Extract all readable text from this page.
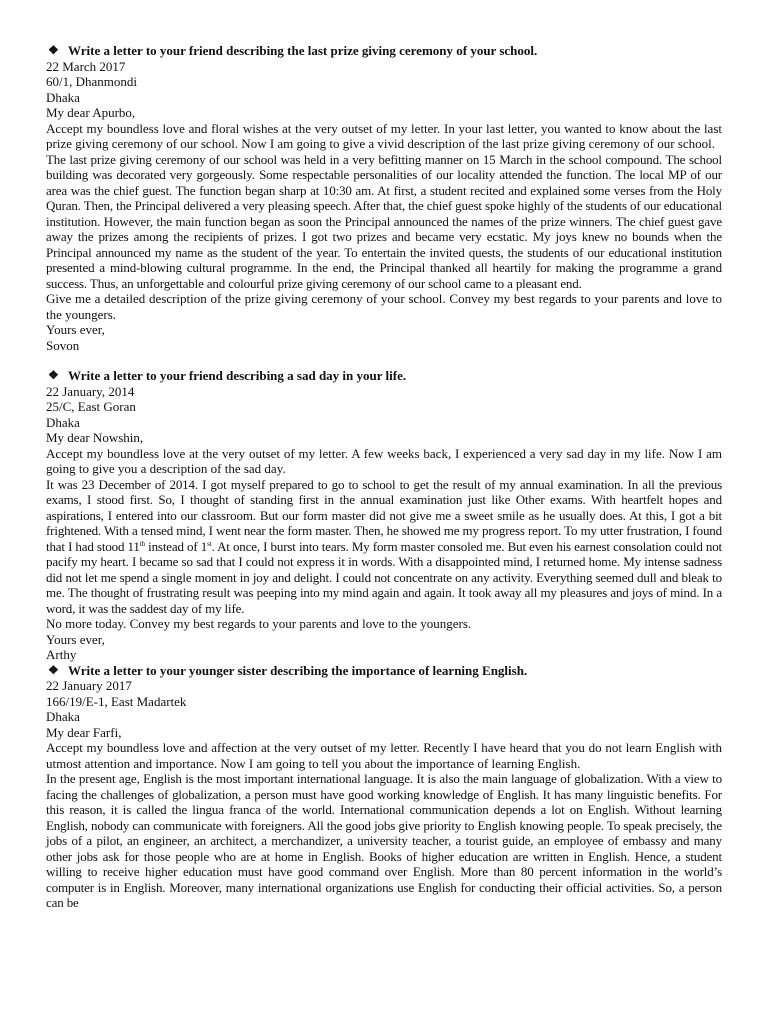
❖ Write a letter to your friend describing the last prize giving ceremony of your school.
22 March 2017
60/1, Dhanmondi
Dhaka
My dear Apurbo,

Accept my boundless love and floral wishes at the very outset of my letter. In your last letter, you wanted to know about the last prize giving ceremony of our school. Now I am going to give a vivid description of the last prize giving ceremony of our school.

The last prize giving ceremony of our school was held in a very befitting manner on 15 March in the school compound. The school building was decorated very gorgeously. Some respectable personalities of our locality attended the function. The local MP of our area was the chief guest. The function began sharp at 10:30 am. At first, a student recited and explained some verses from the Holy Quran. Then, the Principal delivered a very pleasing speech. After that, the chief guest spoke highly of the students of our educational institution. However, the main function began as soon the Principal announced the names of the prize winners. The chief guest gave away the prizes among the recipients of prizes. I got two prizes and became very ecstatic. My joys knew no bounds when the Principal announced my name as the student of the year. To entertain the invited quests, the students of our educational institution presented a mind-blowing cultural programme. In the end, the Principal thanked all heartily for making the programme a grand success. Thus, an unforgettable and colourful prize giving ceremony of our school came to a pleasant end.

Give me a detailed description of the prize giving ceremony of your school. Convey my best regards to your parents and love to the youngers.

Yours ever,
Sovon
❖ Write a letter to your friend describing a sad day in your life.
22 January, 2014
25/C, East Goran
Dhaka
My dear Nowshin,

Accept my boundless love at the very outset of my letter. A few weeks back, I experienced a very sad day in my life. Now I am going to give you a description of the sad day.

It was 23 December of 2014. I got myself prepared to go to school to get the result of my annual examination. In all the previous exams, I stood first. So, I thought of standing first in the annual examination just like Other exams. With heartfelt hopes and aspirations, I entered into our classroom. But our form master did not give me a sweet smile as he usually does. At this, I got a bit frightened. With a tensed mind, I went near the form master. Then, he showed me my progress report. To my utter frustration, I found that I had stood 11th instead of 1st. At once, I burst into tears. My form master consoled me. But even his earnest consolation could not pacify my heart. I became so sad that I could not express it in words. With a disappointed mind, I returned home. My intense sadness did not let me spend a single moment in joy and delight. I could not concentrate on any activity. Everything seemed dull and bleak to me. The thought of frustrating result was peeping into my mind again and again. It took away all my pleasures and joys of mind. In a word, it was the saddest day of my life.

No more today. Convey my best regards to your parents and love to the youngers.

Yours ever,
Arthy
❖ Write a letter to your younger sister describing the importance of learning English.
22 January 2017
166/19/E-1, East Madartek
Dhaka
My dear Farfi,

Accept my boundless love and affection at the very outset of my letter. Recently I have heard that you do not learn English with utmost attention and importance. Now I am going to tell you about the importance of learning English.

In the present age, English is the most important international language. It is also the main language of globalization. With a view to facing the challenges of globalization, a person must have good working knowledge of English. It has many linguistic benefits. For this reason, it is called the lingua franca of the world. International communication depends a lot on English. Without learning English, nobody can communicate with foreigners. All the good jobs give priority to English knowing people. To speak precisely, the jobs of a pilot, an engineer, an architect, a merchandizer, a university teacher, a tourist guide, an employee of embassy and many other jobs ask for those people who are at home in English. Books of higher education are written in English. Hence, a student willing to receive higher education must have good command over English. More than 80 percent information in the world’s computer is in English. Moreover, many international organizations use English for conducting their official activities. So, a person can be
